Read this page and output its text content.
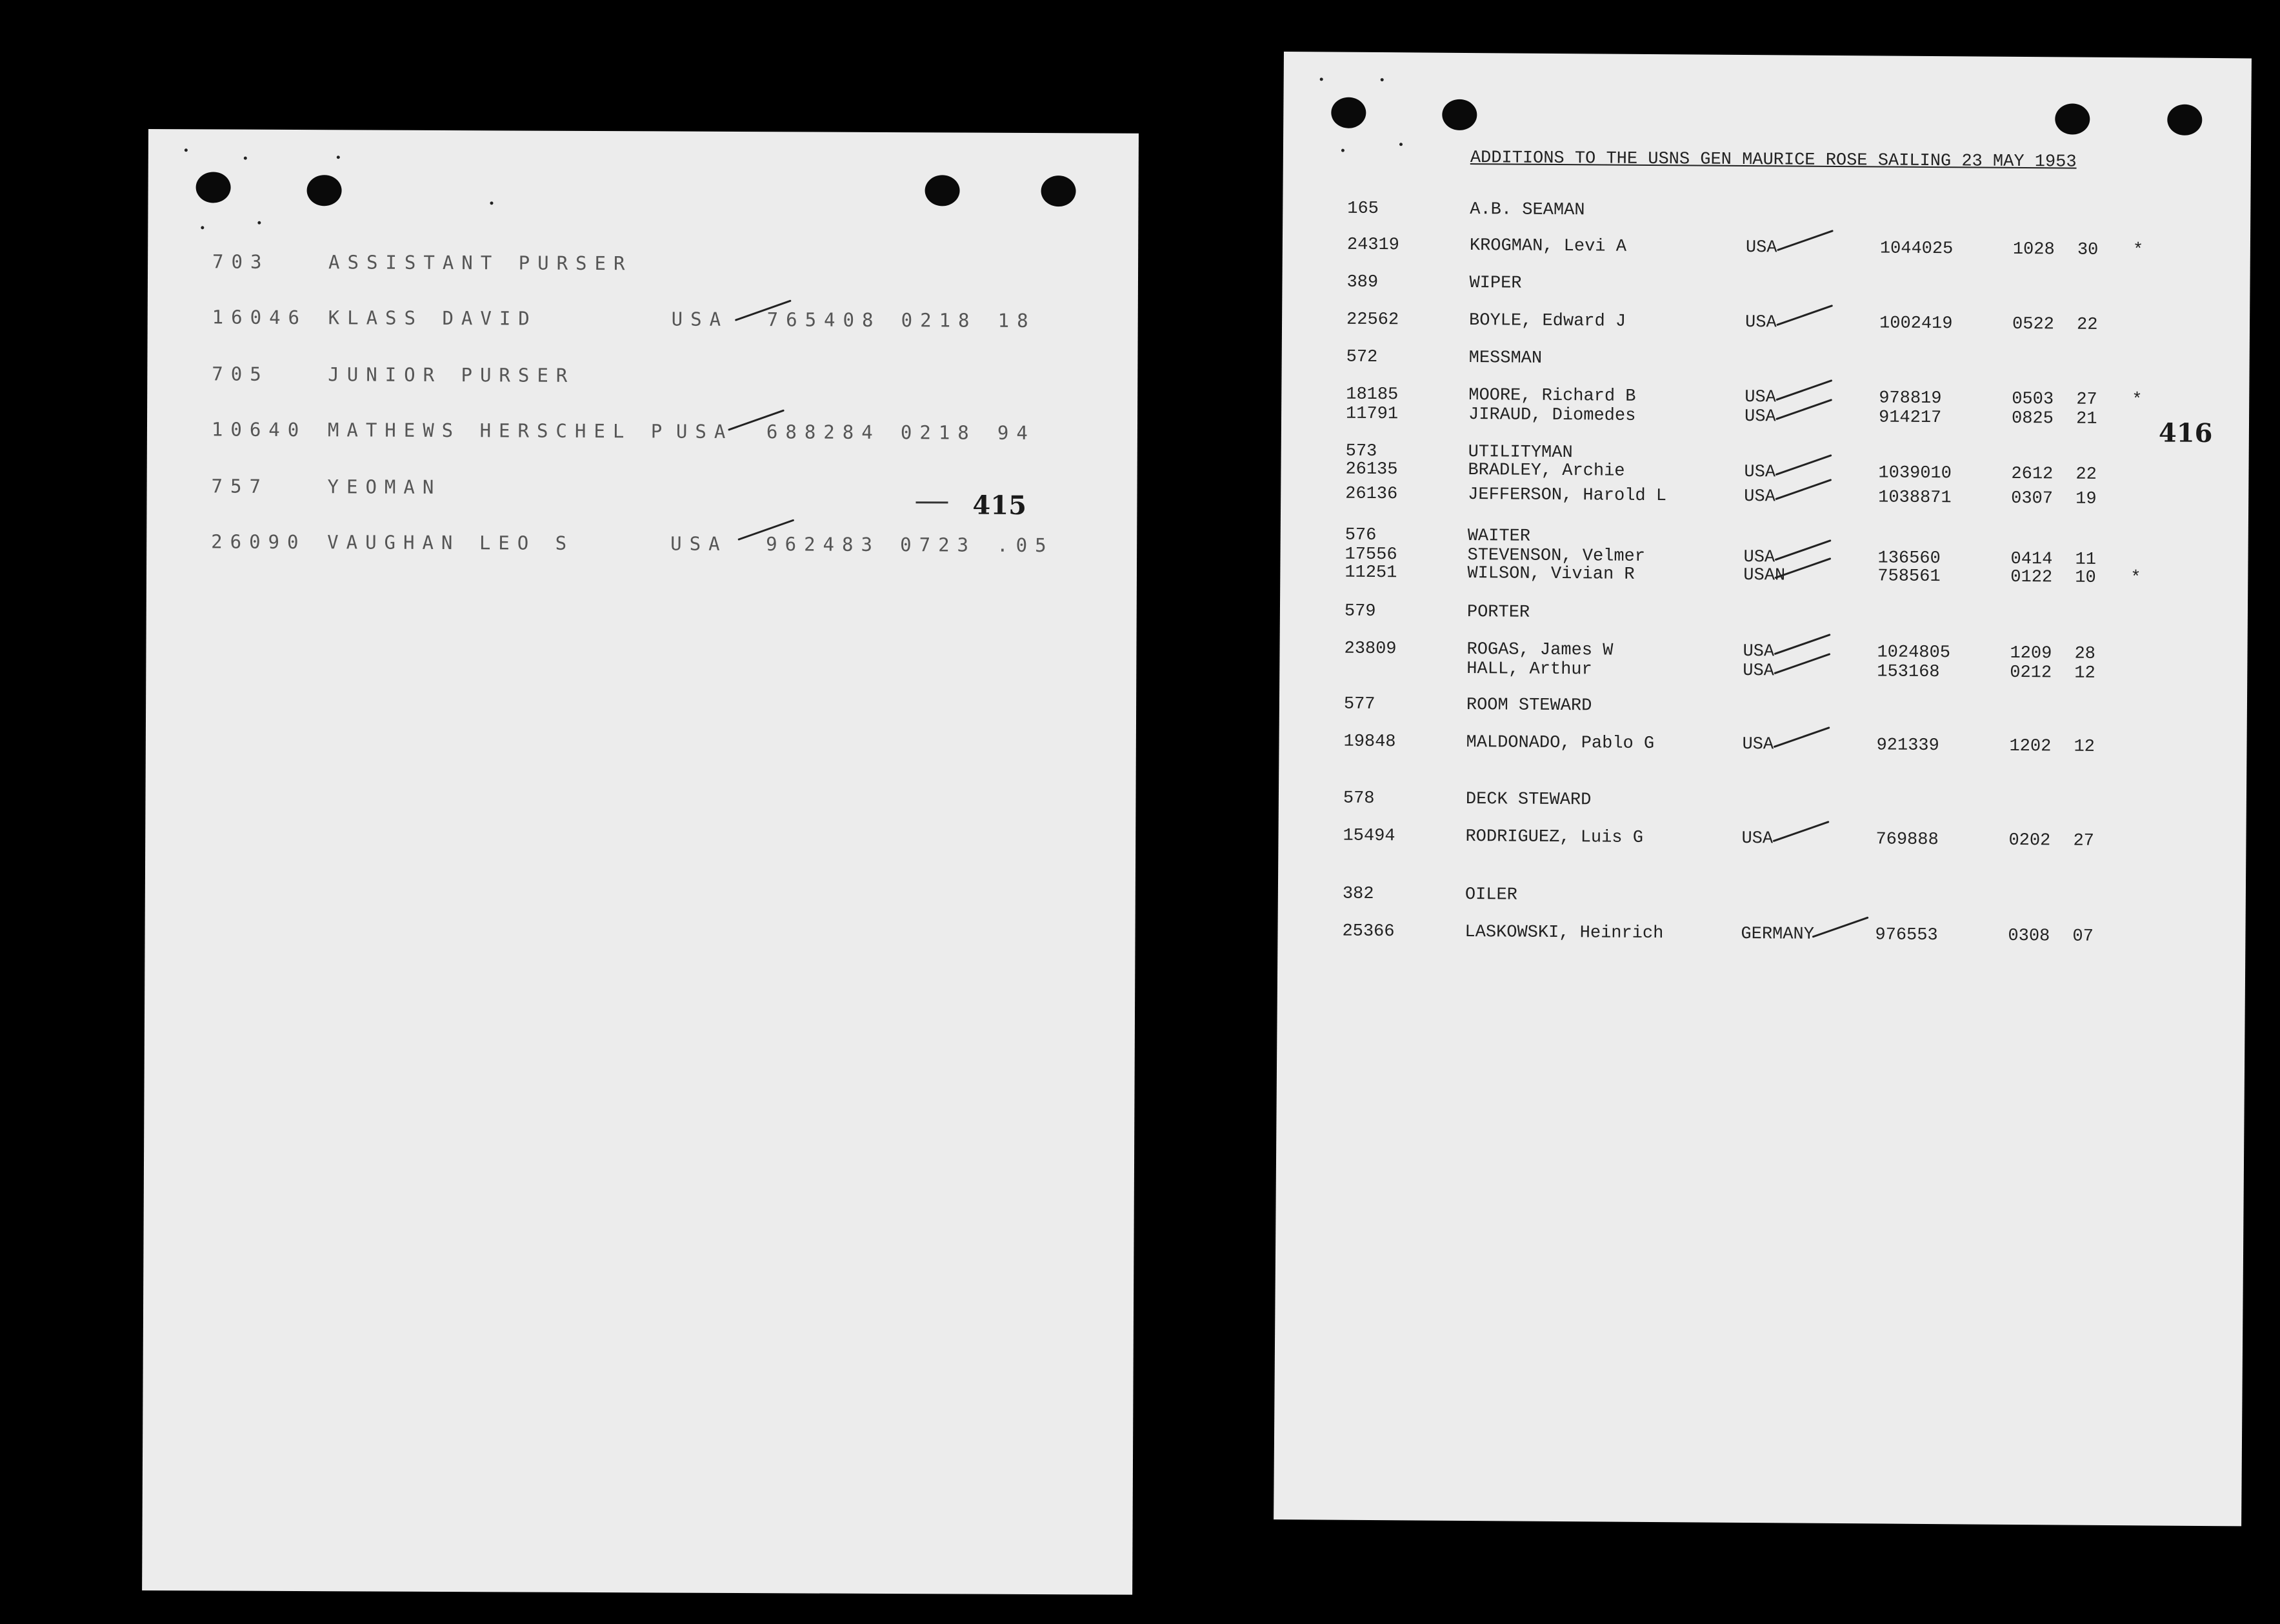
703	ASSISTANT PURSER
16046 KLASS DAVID	USA 765408 0218 18
705	JUNIOR PURSER
10640 MATHEWS HERSCHEL P USA 688284 0218 94
757	YEOMAN
415
26090 VAUGHAN LEO S	USA 962483 0723 .05
ADDITIONS TO THE USNS GEN MAURICE ROSE SAILING 23 MAY 1953
416
165	A.B. SEAMAN
24319	KROGMAN, Levi A	USA	1044025	1028 30 *
389	WIPER
22562	BOYLE, Edward J	USA	1002419	0522 22
572	MESSMAN
18185	MOORE, Richard B	USA	978819	0503 27 *
11791	JIRAUD, Diomedes	USA	914217	0825 21
573	UTILITYMAN
26135	BRADLEY, Archie	USA	1039010	2612 22
26136	JEFFERSON, Harold L	USA	1038871	0307 19
576	WAITER
17556	STEVENSON, Velmer	USA	136560	0414 11
11251	WILSON, Vivian R	USAN	758561	0122 10 *
579	PORTER
23809	ROGAS, James W	USA	1024805	1209 28
HALL, Arthur	USA	153168	0212 12
577	ROOM STEWARD
19848	MALDONADO, Pablo G	USA	921339	1202 12
578	DECK STEWARD
15494	RODRIGUEZ, Luis G	USA	769888	0202 27
382	OILER
25366	LASKOWSKI, Heinrich	GERMANY	976553	0308 07
